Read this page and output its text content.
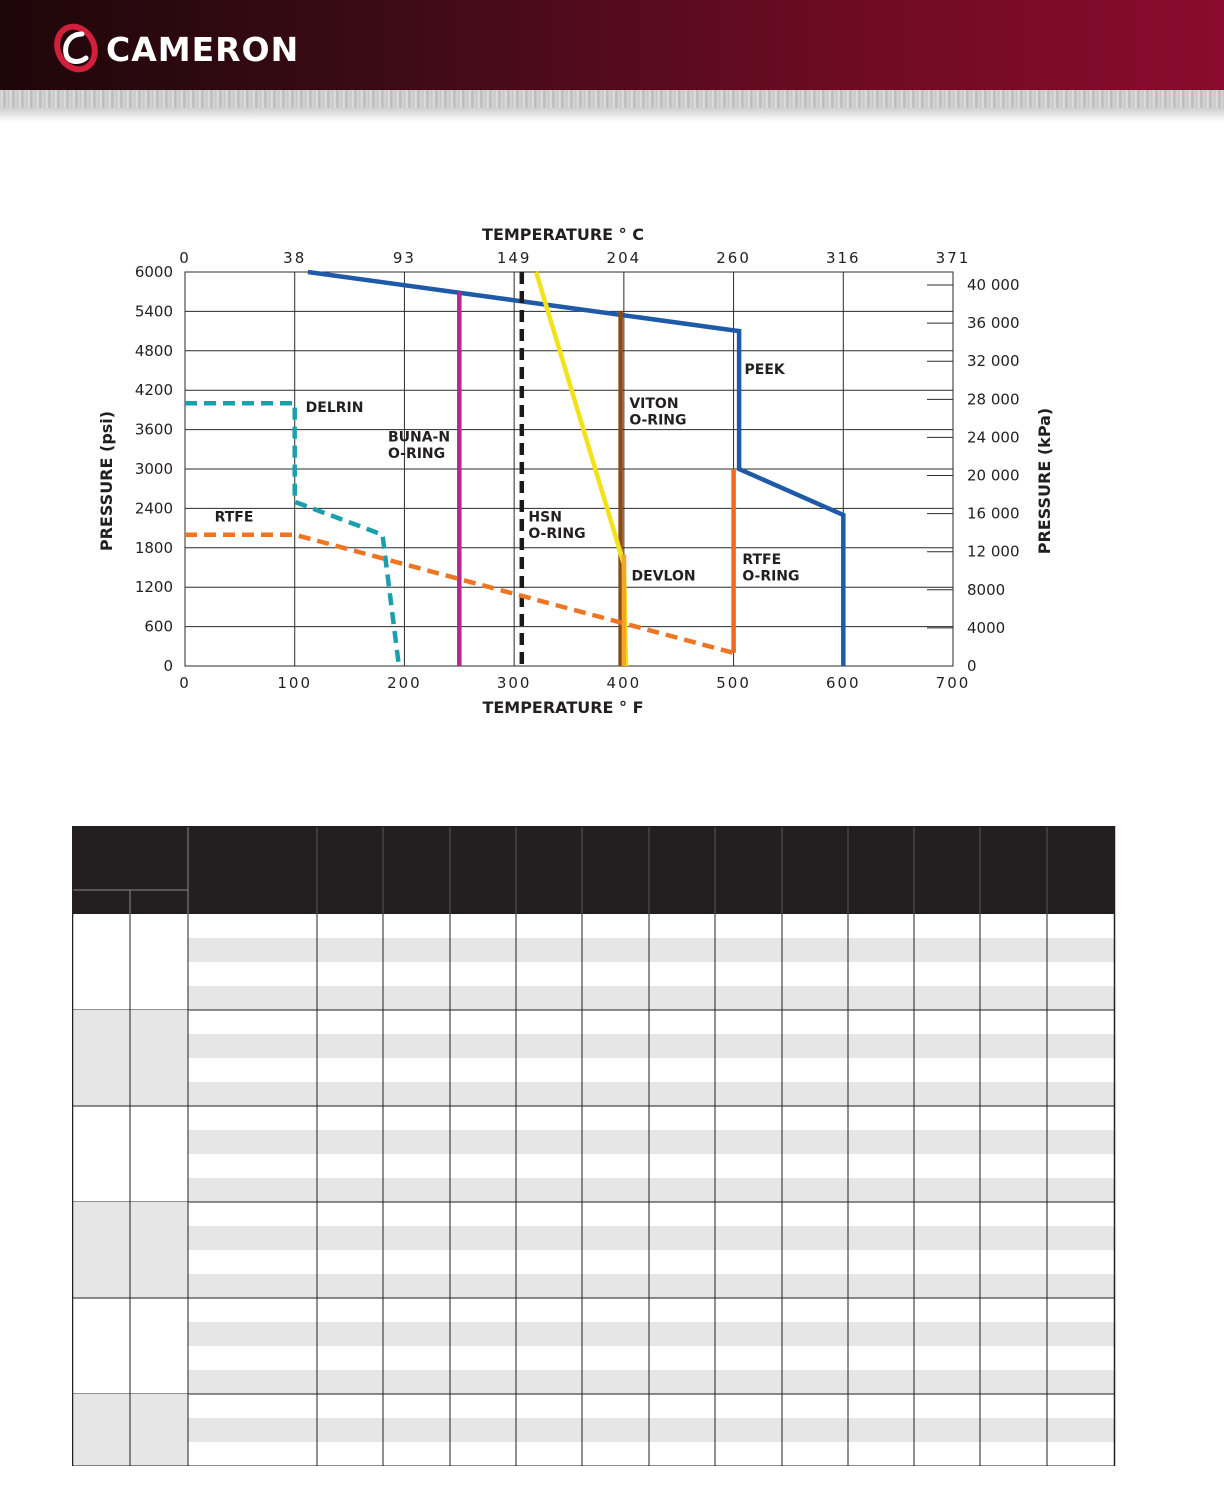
CAMERON
0
0
100
38
200
93
300
149
400
204
500
260
600
316
700
371
0
600
1200
1800
2400
3000
3600
4200
4800
5400
6000
0
4000
8000
12 000
16 000
20 000
24 000
28 000
32 000
36 000
40 000
PEEK
VITON
O-RING
DELRIN
BUNA-N
O-RING
RTFE	HSN
O-RING
DEVLON
RTFE
O-RING
TEMPERATURE ° C
TEMPERATURE ° F
PRESSURE (psi)	PRESSURE (kPa)
